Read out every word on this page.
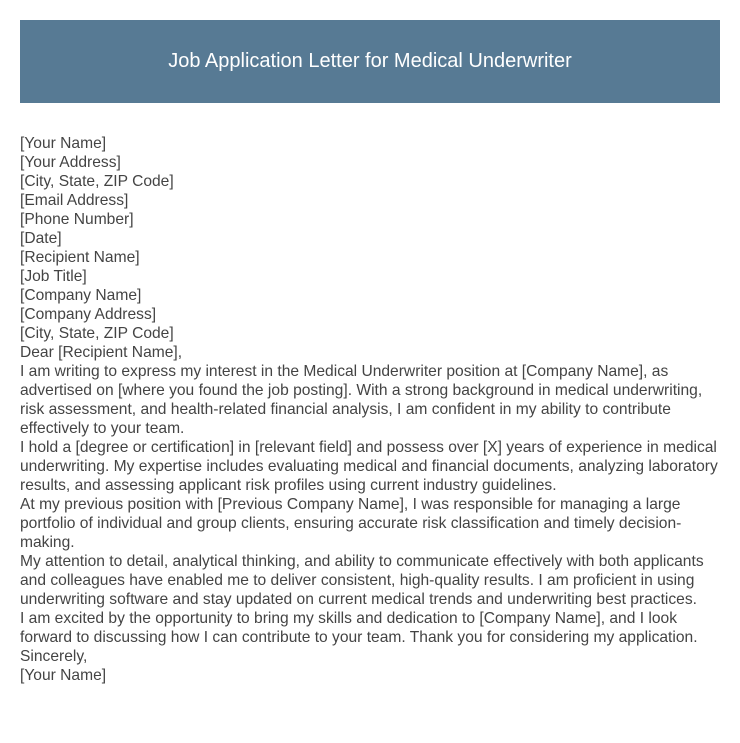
Job Application Letter for Medical Underwriter
[Your Name]
[Your Address]
[City, State, ZIP Code]
[Email Address]
[Phone Number]
[Date]
[Recipient Name]
[Job Title]
[Company Name]
[Company Address]
[City, State, ZIP Code]
Dear [Recipient Name],
I am writing to express my interest in the Medical Underwriter position at [Company Name], as advertised on [where you found the job posting]. With a strong background in medical underwriting, risk assessment, and health-related financial analysis, I am confident in my ability to contribute effectively to your team.
I hold a [degree or certification] in [relevant field] and possess over [X] years of experience in medical underwriting. My expertise includes evaluating medical and financial documents, analyzing laboratory results, and assessing applicant risk profiles using current industry guidelines.
At my previous position with [Previous Company Name], I was responsible for managing a large portfolio of individual and group clients, ensuring accurate risk classification and timely decision-making.
My attention to detail, analytical thinking, and ability to communicate effectively with both applicants and colleagues have enabled me to deliver consistent, high-quality results. I am proficient in using underwriting software and stay updated on current medical trends and underwriting best practices.
I am excited by the opportunity to bring my skills and dedication to [Company Name], and I look forward to discussing how I can contribute to your team. Thank you for considering my application.
Sincerely,
[Your Name]
